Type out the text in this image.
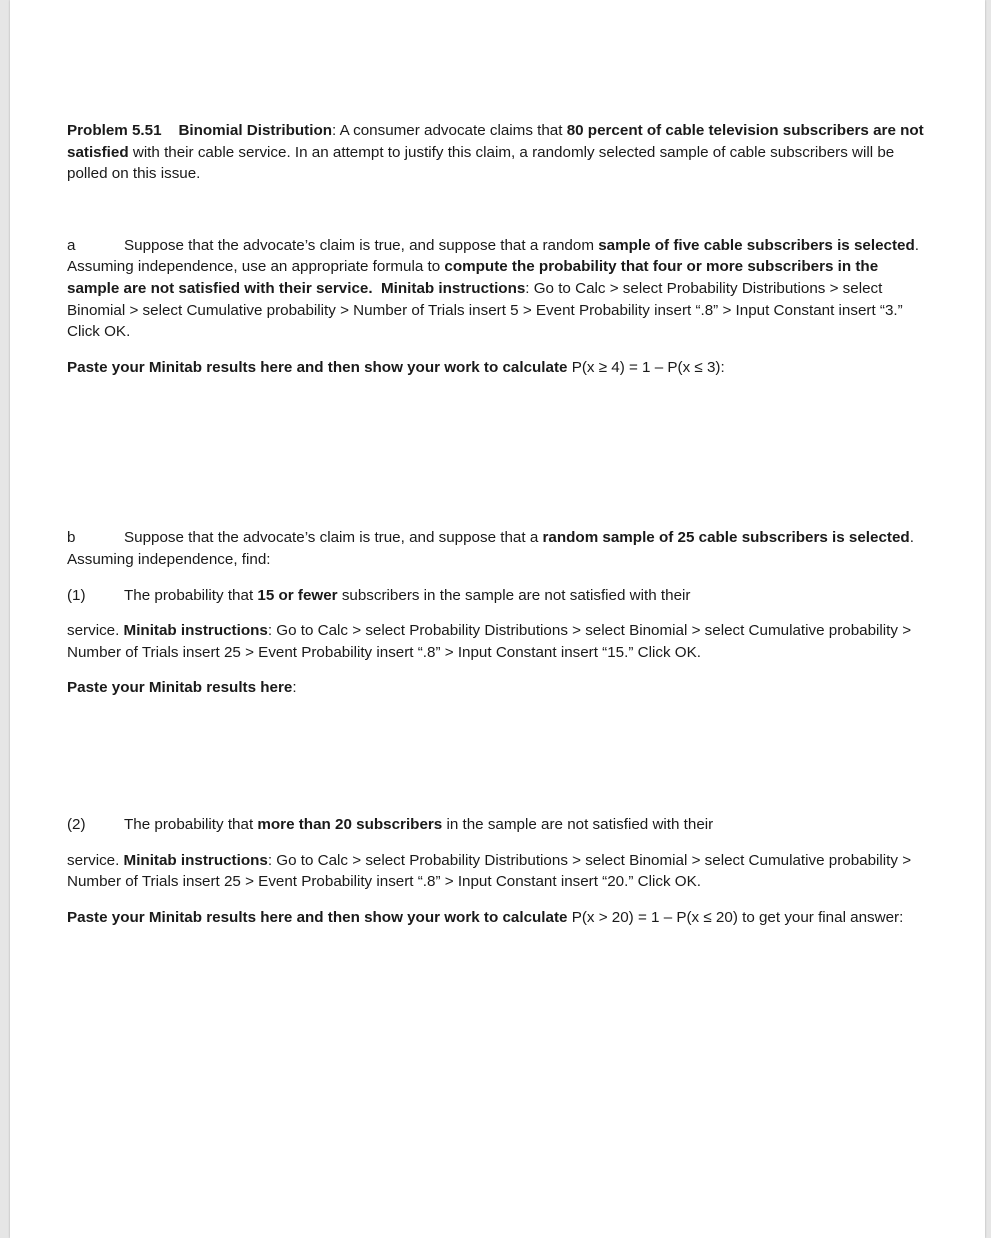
Problem 5.51 Binomial Distribution: A consumer advocate claims that 80 percent of cable television subscribers are not satisfied with their cable service. In an attempt to justify this claim, a randomly selected sample of cable subscribers will be polled on this issue.

a	Suppose that the advocate’s claim is true, and suppose that a random sample of five cable subscribers is selected. Assuming independence, use an appropriate formula to compute the probability that four or more subscribers in the sample are not satisfied with their service. Minitab instructions: Go to Calc > select Probability Distributions > select Binomial > select Cumulative probability > Number of Trials insert 5 > Event Probability insert “.8” > Input Constant insert “3.” Click OK.

Paste your Minitab results here and then show your work to calculate P(x ≥ 4) = 1 – P(x ≤ 3):

b	Suppose that the advocate’s claim is true, and suppose that a random sample of 25 cable subscribers is selected. Assuming independence, find:

(1)	The probability that 15 or fewer subscribers in the sample are not satisfied with their

service. Minitab instructions: Go to Calc > select Probability Distributions > select Binomial > select Cumulative probability > Number of Trials insert 25 > Event Probability insert “.8” > Input Constant insert “15.” Click OK.

Paste your Minitab results here:

(2)	The probability that more than 20 subscribers in the sample are not satisfied with their

service. Minitab instructions: Go to Calc > select Probability Distributions > select Binomial > select Cumulative probability > Number of Trials insert 25 > Event Probability insert “.8” > Input Constant insert “20.” Click OK.

Paste your Minitab results here and then show your work to calculate P(x > 20) = 1 – P(x ≤ 20) to get your final answer:
